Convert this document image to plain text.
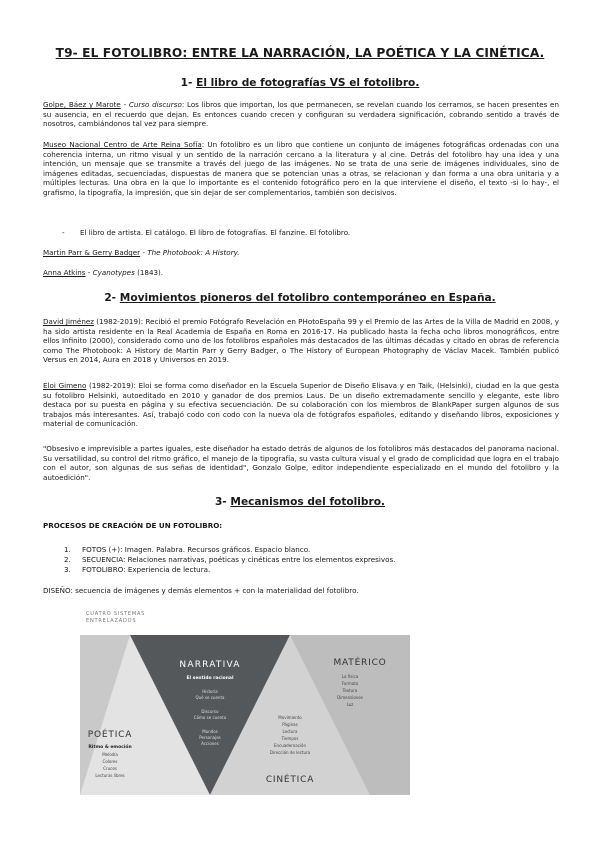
T9- EL FOTOLIBRO: ENTRE LA NARRACIÓN, LA POÉTICA Y LA CINÉTICA.
1- El libro de fotografías VS el fotolibro.
Golpe, Báez y Marote - Curso discurso: Los libros que importan, los que permanecen, se revelan cuando los cerramos, se hacen presentes en su ausencia, en el recuerdo que dejan. Es entonces cuando crecen y configuran su verdadera significación, cobrando sentido a través de nosotros, cambiándonos tal vez para siempre.
Museo Nacional Centro de Arte Reina Sofía: Un fotolibro es un libro que contiene un conjunto de imágenes fotográficas ordenadas con una coherencia interna, un ritmo visual y un sentido de la narración cercano a la literatura y al cine. Detrás del fotolibro hay una idea y una intención, un mensaje que se transmite a través del juego de las imágenes. No se trata de una serie de imágenes individuales, sino de imágenes editadas, secuenciadas, dispuestas de manera que se potencian unas a otras, se relacionan y dan forma a una obra unitaria y a múltiples lecturas. Una obra en la que lo importante es el contenido fotográfico pero en la que interviene el diseño, el texto -si lo hay-, el grafismo, la tipografía, la impresión, que sin dejar de ser complementarios, también son decisivos.
- El libro de artista. El catálogo. El libro de fotografías. El fanzine. El fotolibro.
Martin Parr & Gerry Badger - The Photobook: A History.
Anna Atkins - Cyanotypes (1843).
2- Movimientos pioneros del fotolibro contemporáneo en España.
David Jiménez (1982-2019): Recibió el premio Fotógrafo Revelación en PHotoEspaña 99 y el Premio de las Artes de la Villa de Madrid en 2008, y ha sido artista residente en la Real Academia de España en Roma en 2016-17. Ha publicado hasta la fecha ocho libros monográficos, entre ellos Infinito (2000), considerado como uno de los fotolibros españoles más destacados de las últimas décadas y citado en obras de referencia como The Photobook: A History de Martin Parr y Gerry Badger, o The History of European Photography de Václav Macek. También publicó Versus en 2014, Aura en 2018 y Universos en 2019.
Eloi Gimeno (1982-2019): Eloi se forma como diseñador en la Escuela Superior de Diseño Elisava y en Taik, (Helsinki), ciudad en la que gesta su fotolibro Helsinki, autoeditado en 2010 y ganador de dos premios Laus. De un diseño extremadamente sencillo y elegante, este libro destaca por su puesta en página y su efectiva secuenciación. De su colaboración con los miembros de BlankPaper surgen algunos de sus trabajos más interesantes. Así, trabajó codo con codo con la nueva ola de fotógrafos españoles, editando y diseñando libros, exposiciones y material de comunicación.
"Obsesivo e imprevisible a partes iguales, este diseñador ha estado detrás de algunos de los fotolibros más destacados del panorama nacional. Su versatilidad, su control del ritmo gráfico, el manejo de la tipografía, su vasta cultura visual y el grado de complicidad que logra en el trabajo con el autor, son algunas de sus señas de identidad", Gonzalo Golpe, editor independiente especializado en el mundo del fotolibro y la autoedición".
3- Mecanismos del fotolibro.
PROCESOS DE CREACIÓN DE UN FOTOLIBRO:
1.	FOTOS (+): Imagen. Palabra. Recursos gráficos. Espacio blanco.
2.	SECUENCIA: Relaciones narrativas, poéticas y cinéticas entre los elementos expresivos.
3.	FOTOLIBRO: Experiencia de lectura.
DISEÑO: secuencia de imágenes y demás elementos + con la materialidad del fotolibro.
CUATRO SISTEMAS
ENTRELAZADOS
NARRATIVA
El sentido racional
Historia
Qué se cuenta
Discurso
Cómo se cuenta
Mundos
Personajes
Acciones
POÉTICA
Ritmo & emoción
Melodía
Colores
Cruces
Lecturas libres
MATÉRICO
La física
Formato
Textura
Dimensiones
Luz
Movimiento
Páginas
Lectura
Tiempos
Encuadernación
Dirección de lectura
CINÉTICA
